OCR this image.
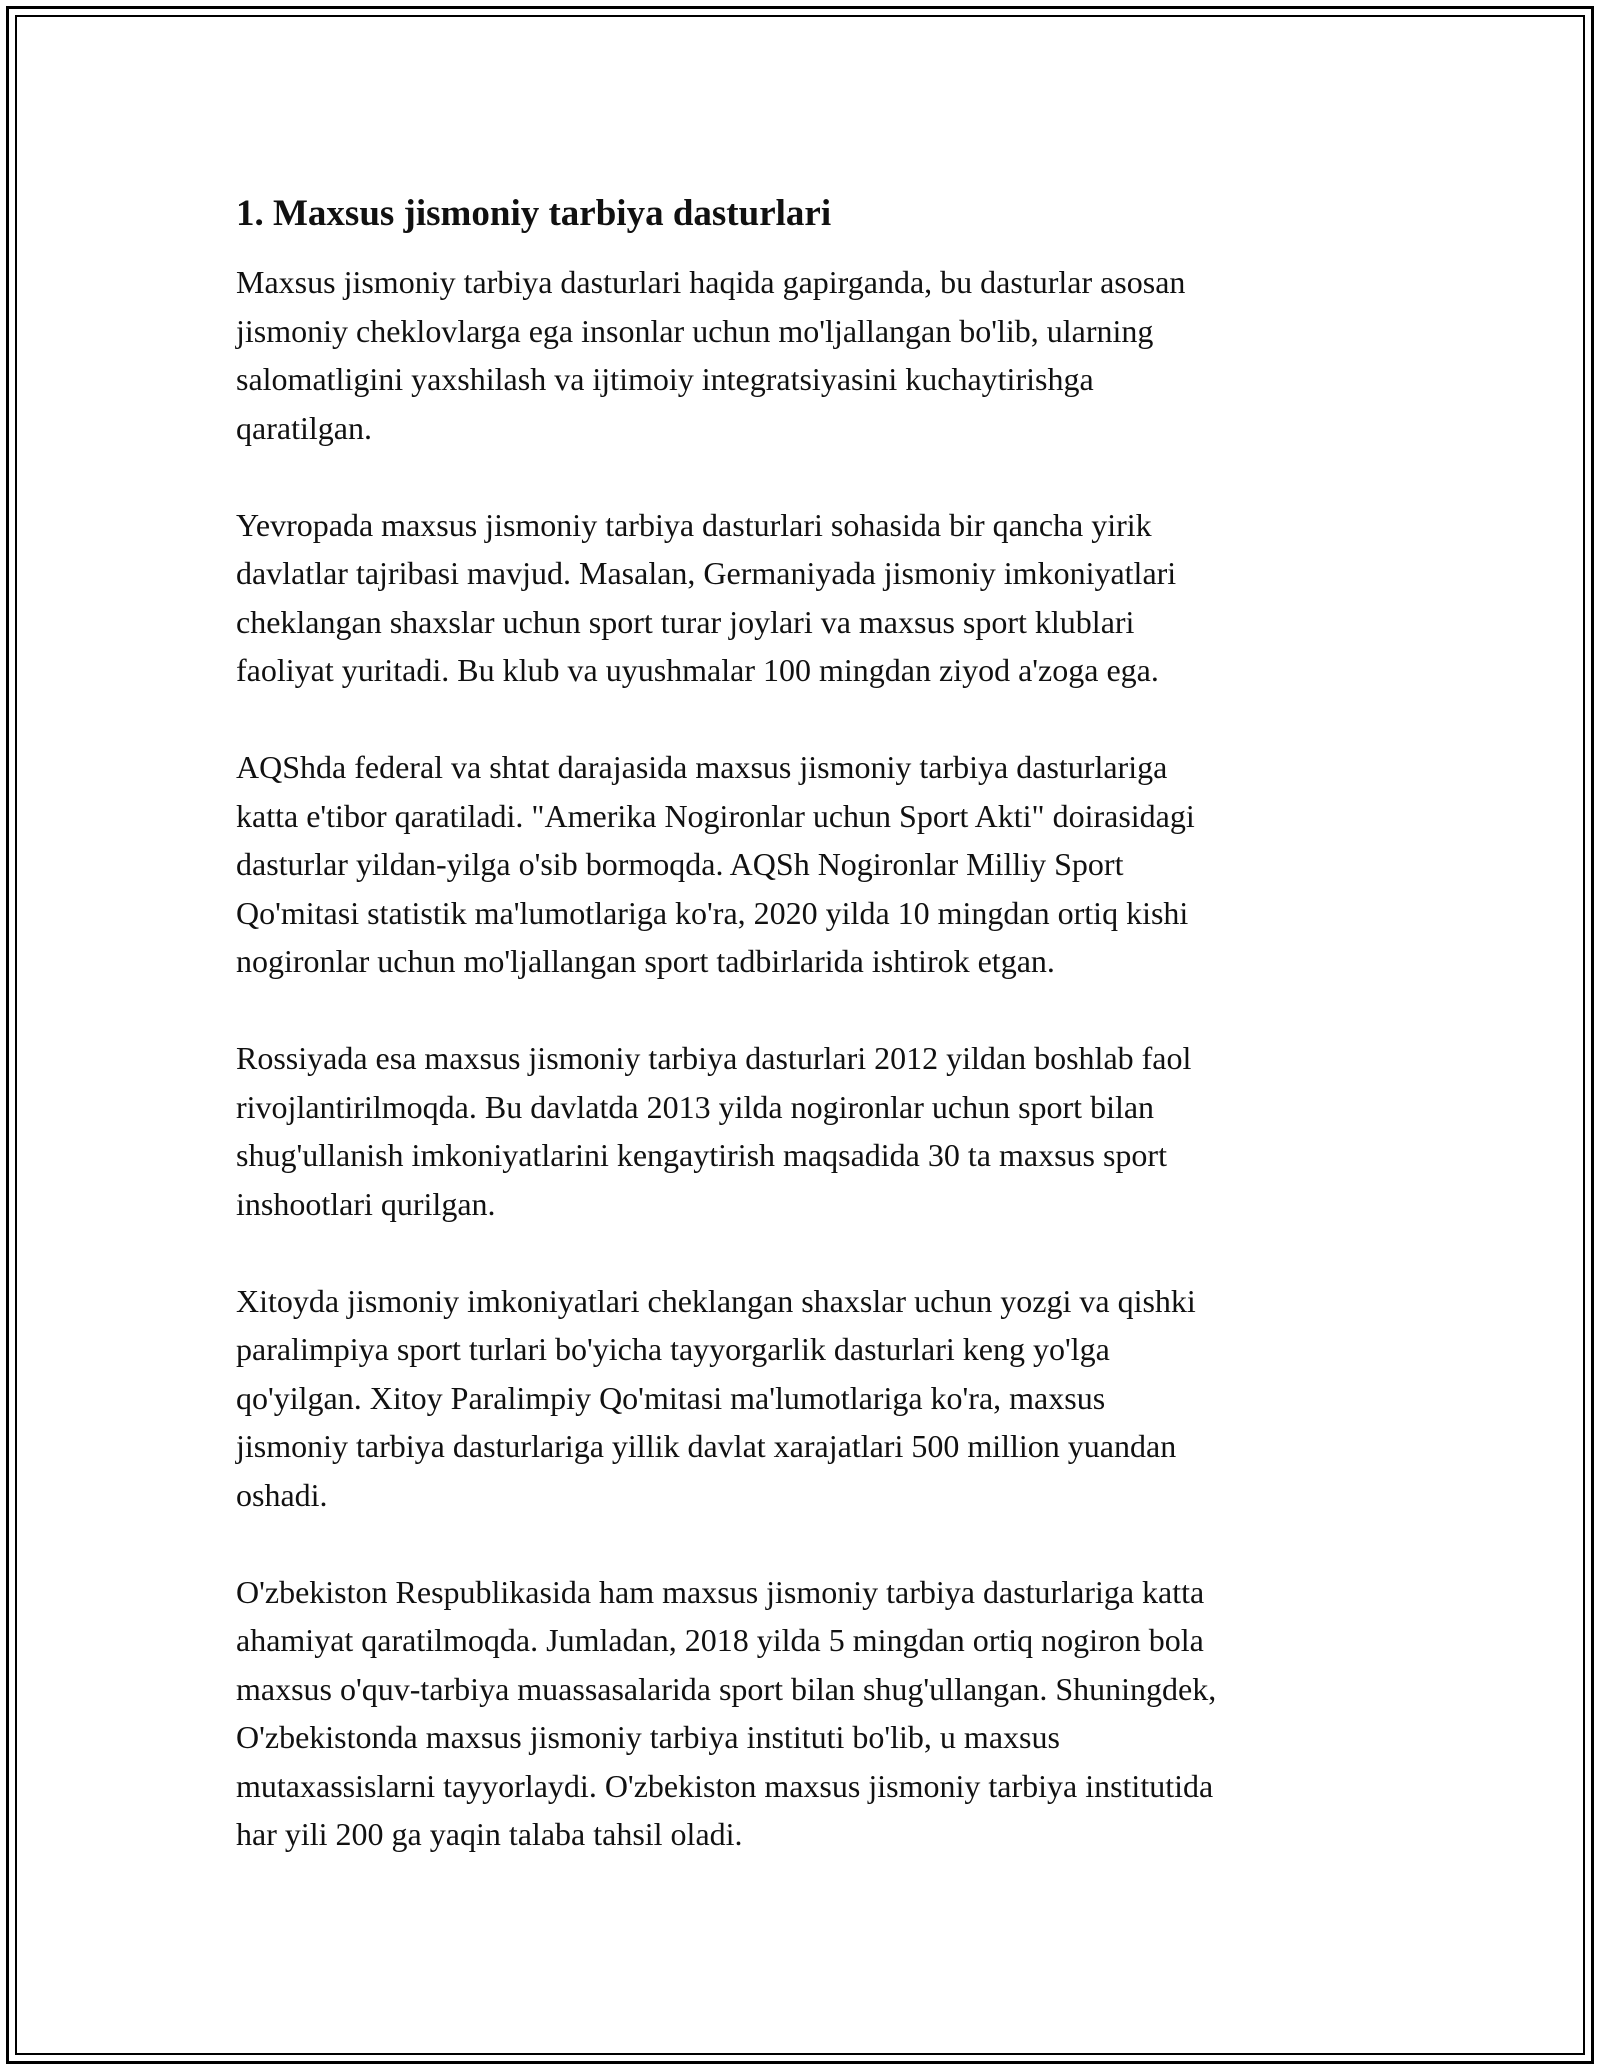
1. Maxsus jismoniy tarbiya dasturlari

Maxsus jismoniy tarbiya dasturlari haqida gapirganda, bu dasturlar asosan
jismoniy cheklovlarga ega insonlar uchun mo'ljallangan bo'lib, ularning
salomatligini yaxshilash va ijtimoiy integratsiyasini kuchaytirishga
qaratilgan.

Yevropada maxsus jismoniy tarbiya dasturlari sohasida bir qancha yirik
davlatlar tajribasi mavjud. Masalan, Germaniyada jismoniy imkoniyatlari
cheklangan shaxslar uchun sport turar joylari va maxsus sport klublari
faoliyat yuritadi. Bu klub va uyushmalar 100 mingdan ziyod a'zoga ega.

AQShda federal va shtat darajasida maxsus jismoniy tarbiya dasturlariga
katta e'tibor qaratiladi. "Amerika Nogironlar uchun Sport Akti" doirasidagi
dasturlar yildan-yilga o'sib bormoqda. AQSh Nogironlar Milliy Sport
Qo'mitasi statistik ma'lumotlariga ko'ra, 2020 yilda 10 mingdan ortiq kishi
nogironlar uchun mo'ljallangan sport tadbirlarida ishtirok etgan.

Rossiyada esa maxsus jismoniy tarbiya dasturlari 2012 yildan boshlab faol
rivojlantirilmoqda. Bu davlatda 2013 yilda nogironlar uchun sport bilan
shug'ullanish imkoniyatlarini kengaytirish maqsadida 30 ta maxsus sport
inshootlari qurilgan.

Xitoyda jismoniy imkoniyatlari cheklangan shaxslar uchun yozgi va qishki
paralimpiya sport turlari bo'yicha tayyorgarlik dasturlari keng yo'lga
qo'yilgan. Xitoy Paralimpiy Qo'mitasi ma'lumotlariga ko'ra, maxsus
jismoniy tarbiya dasturlariga yillik davlat xarajatlari 500 million yuandan
oshadi.

O'zbekiston Respublikasida ham maxsus jismoniy tarbiya dasturlariga katta
ahamiyat qaratilmoqda. Jumladan, 2018 yilda 5 mingdan ortiq nogiron bola
maxsus o'quv-tarbiya muassasalarida sport bilan shug'ullangan. Shuningdek,
O'zbekistonda maxsus jismoniy tarbiya instituti bo'lib, u maxsus
mutaxassislarni tayyorlaydi. O'zbekiston maxsus jismoniy tarbiya institutida
har yili 200 ga yaqin talaba tahsil oladi.
